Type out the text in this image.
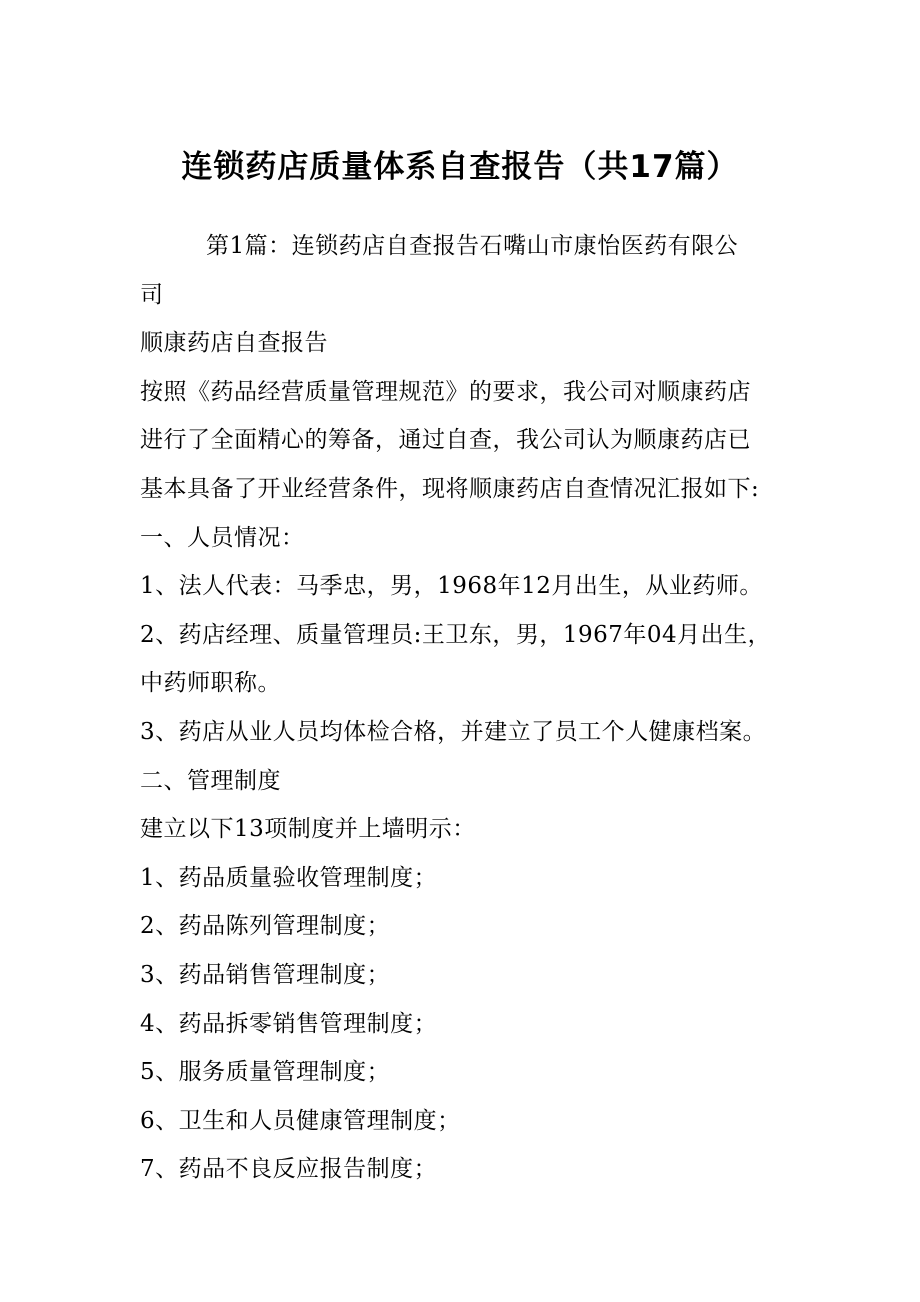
连锁药店质量体系自查报告（共17篇）

第1篇：连锁药店自查报告石嘴山市康怡医药有限公

司

顺康药店自查报告

按照《药品经营质量管理规范》的要求，我公司对顺康药店

进行了全面精心的筹备，通过自查，我公司认为顺康药店已

基本具备了开业经营条件，现将顺康药店自查情况汇报如下:

一、人员情况：

1、法人代表：马季忠，男，1968年12月出生，从业药师。

2、药店经理、质量管理员:王卫东，男，1967年04月出生，

中药师职称。

3、药店从业人员均体检合格，并建立了员工个人健康档案。

二、管理制度

建立以下13项制度并上墙明示：

1、药品质量验收管理制度；

2、药品陈列管理制度；

3、药品销售管理制度；

4、药品拆零销售管理制度；

5、服务质量管理制度；

6、卫生和人员健康管理制度；

7、药品不良反应报告制度；
